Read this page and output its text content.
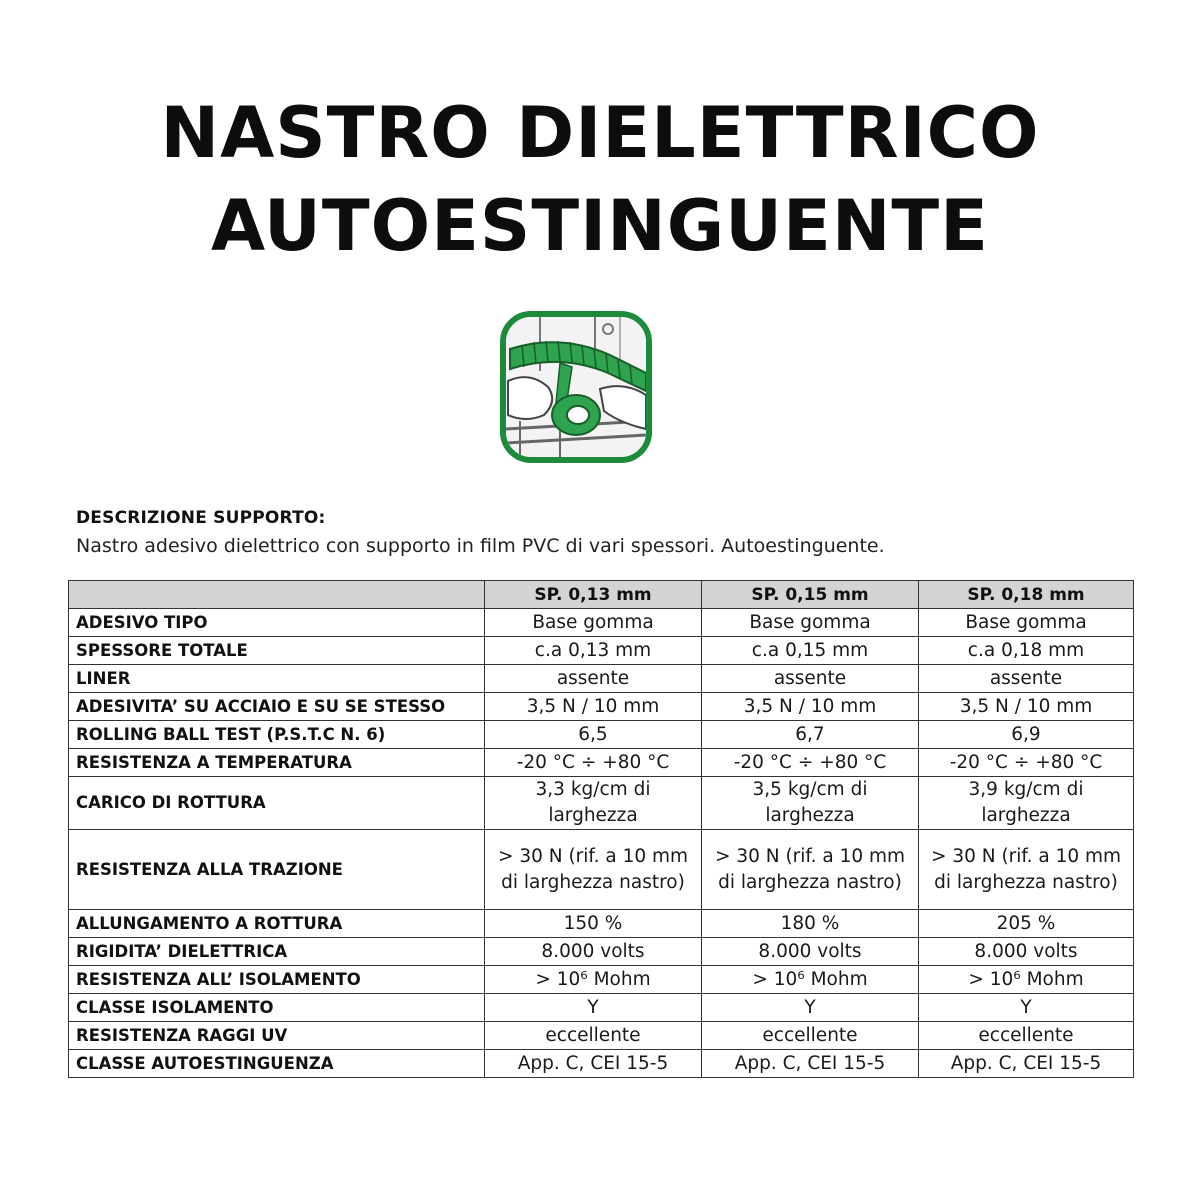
NASTRO DIELETTRICO
AUTOESTINGUENTE
DESCRIZIONE SUPPORTO:
Nastro adesivo dielettrico con supporto in film PVC di vari spessori. Autoestinguente.
	SP. 0,13 mm	SP. 0,15 mm	SP. 0,18 mm
ADESIVO TIPO	Base gomma	Base gomma	Base gomma
SPESSORE TOTALE	c.a 0,13 mm	c.a 0,15 mm	c.a 0,18 mm
LINER	assente	assente	assente
ADESIVITA’ SU ACCIAIO E SU SE STESSO	3,5 N / 10 mm	3,5 N / 10 mm	3,5 N / 10 mm
ROLLING BALL TEST (P.S.T.C N. 6)	6,5	6,7	6,9
RESISTENZA A TEMPERATURA	-20 °C ÷ +80 °C	-20 °C ÷ +80 °C	-20 °C ÷ +80 °C
CARICO DI ROTTURA	3,3 kg/cm di larghezza	3,5 kg/cm di larghezza	3,9 kg/cm di larghezza
RESISTENZA ALLA TRAZIONE	> 30 N (rif. a 10 mm di larghezza nastro)	> 30 N (rif. a 10 mm di larghezza nastro)	> 30 N (rif. a 10 mm di larghezza nastro)
ALLUNGAMENTO A ROTTURA	150 %	180 %	205 %
RIGIDITA’ DIELETTRICA	8.000 volts	8.000 volts	8.000 volts
RESISTENZA ALL’ ISOLAMENTO	> 10⁶ Mohm	> 10⁶ Mohm	> 10⁶ Mohm
CLASSE ISOLAMENTO	Y	Y	Y
RESISTENZA RAGGI UV	eccellente	eccellente	eccellente
CLASSE AUTOESTINGUENZA	App. C, CEI 15-5	App. C, CEI 15-5	App. C, CEI 15-5
